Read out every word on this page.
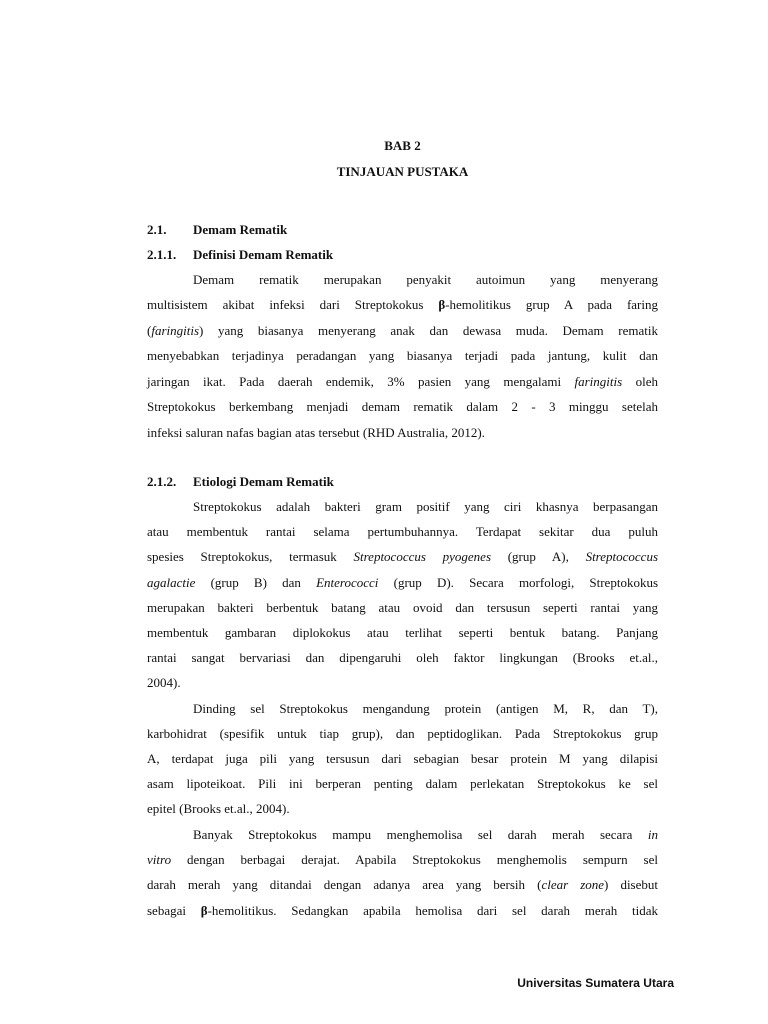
BAB 2
TINJAUAN PUSTAKA
2.1. Demam Rematik
2.1.1. Definisi Demam Rematik
Demam rematik merupakan penyakit autoimun yang menyerang
multisistem akibat infeksi dari Streptokokus β-hemolitikus grup A pada faring
(faringitis) yang biasanya menyerang anak dan dewasa muda. Demam rematik
menyebabkan terjadinya peradangan yang biasanya terjadi pada jantung, kulit dan
jaringan ikat. Pada daerah endemik, 3% pasien yang mengalami faringitis oleh
Streptokokus berkembang menjadi demam rematik dalam 2 - 3 minggu setelah
infeksi saluran nafas bagian atas tersebut (RHD Australia, 2012).
2.1.2. Etiologi Demam Rematik
Streptokokus adalah bakteri gram positif yang ciri khasnya berpasangan
atau membentuk rantai selama pertumbuhannya. Terdapat sekitar dua puluh
spesies Streptokokus, termasuk Streptococcus pyogenes (grup A), Streptococcus
agalactie (grup B) dan Enterococci (grup D). Secara morfologi, Streptokokus
merupakan bakteri berbentuk batang atau ovoid dan tersusun seperti rantai yang
membentuk gambaran diplokokus atau terlihat seperti bentuk batang. Panjang
rantai sangat bervariasi dan dipengaruhi oleh faktor lingkungan (Brooks et.al.,
2004).
Dinding sel Streptokokus mengandung protein (antigen M, R, dan T),
karbohidrat (spesifik untuk tiap grup), dan peptidoglikan. Pada Streptokokus grup
A, terdapat juga pili yang tersusun dari sebagian besar protein M yang dilapisi
asam lipoteikoat. Pili ini berperan penting dalam perlekatan Streptokokus ke sel
epitel (Brooks et.al., 2004).
Banyak Streptokokus mampu menghemolisa sel darah merah secara in
vitro dengan berbagai derajat. Apabila Streptokokus menghemolis sempurn sel
darah merah yang ditandai dengan adanya area yang bersih (clear zone) disebut
sebagai β-hemolitikus. Sedangkan apabila hemolisa dari sel darah merah tidak
Universitas Sumatera Utara
